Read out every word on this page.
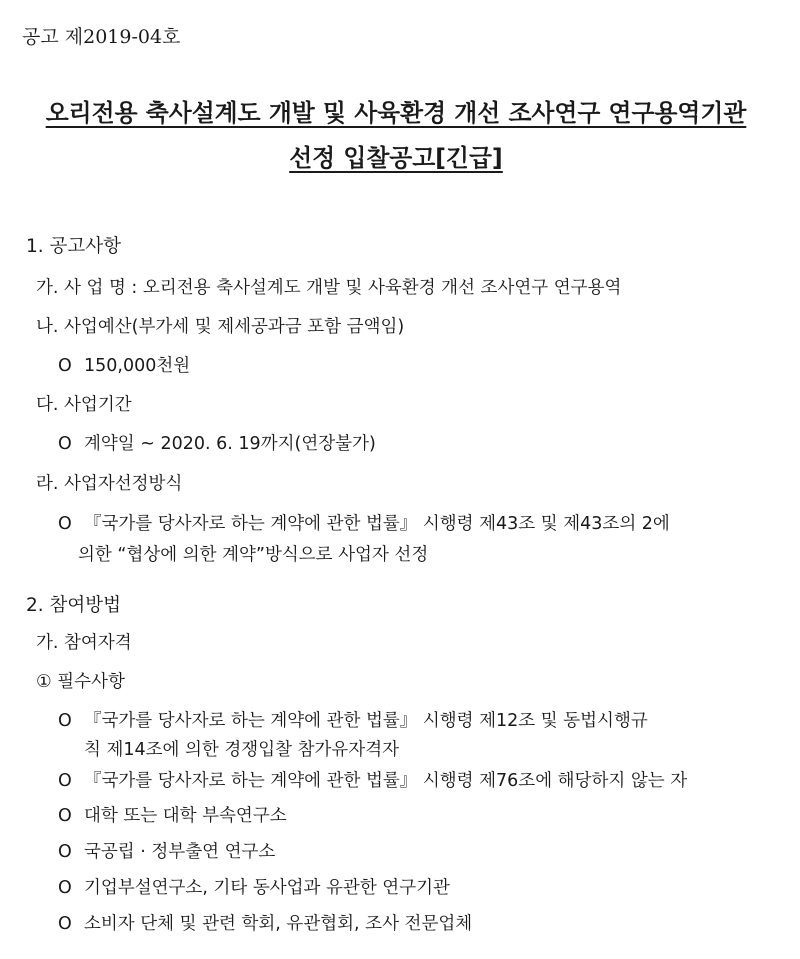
공고 제2019-04호
오리전용 축사설계도 개발 및 사육환경 개선 조사연구 연구용역기관
선정 입찰공고[긴급]
1. 공고사항
가. 사 업 명 : 오리전용 축사설계도 개발 및 사육환경 개선 조사연구 연구용역
나. 사업예산(부가세 및 제세공과금 포함 금액임)
O 150,000천원
다. 사업기간
O 계약일 ~ 2020. 6. 19까지(연장불가)
라. 사업자선정방식
O 『국가를 당사자로 하는 계약에 관한 법률』 시행령 제43조 및 제43조의 2에
의한 “협상에 의한 계약”방식으로 사업자 선정
2. 참여방법
가. 참여자격
① 필수사항
O 『국가를 당사자로 하는 계약에 관한 법률』 시행령 제12조 및 동법시행규
칙 제14조에 의한 경쟁입찰 참가유자격자
O 『국가를 당사자로 하는 계약에 관한 법률』 시행령 제76조에 해당하지 않는 자
O 대학 또는 대학 부속연구소
O 국공립 · 정부출연 연구소
O 기업부설연구소, 기타 동사업과 유관한 연구기관
O 소비자 단체 및 관련 학회, 유관협회, 조사 전문업체
